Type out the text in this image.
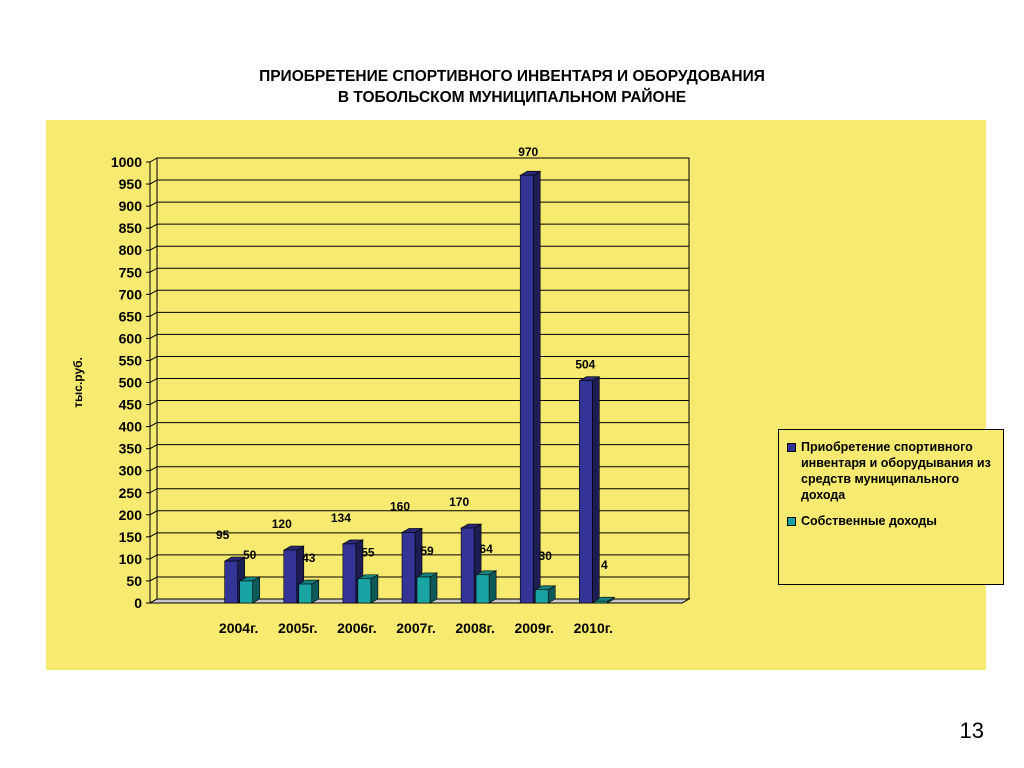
ПРИОБРЕТЕНИЕ СПОРТИВНОГО ИНВЕНТАРЯ И ОБОРУДОВАНИЯ
В ТОБОЛЬСКОМ МУНИЦИПАЛЬНОМ РАЙОНЕ
0
50
100
150
200
250
300
350
400
450
500
550
600
650
700
750
800
850
900
950
1000
тыс.руб.
2004г.
95
50
2005г.
120
43
2006г.
134
55
2007г.
160
59
2008г.
170
64
2009г.
970
30
2010г.
504
4
Приобретение спортивного инвентаря и оборудывания из средств муниципального дохода
Собственные доходы
13
